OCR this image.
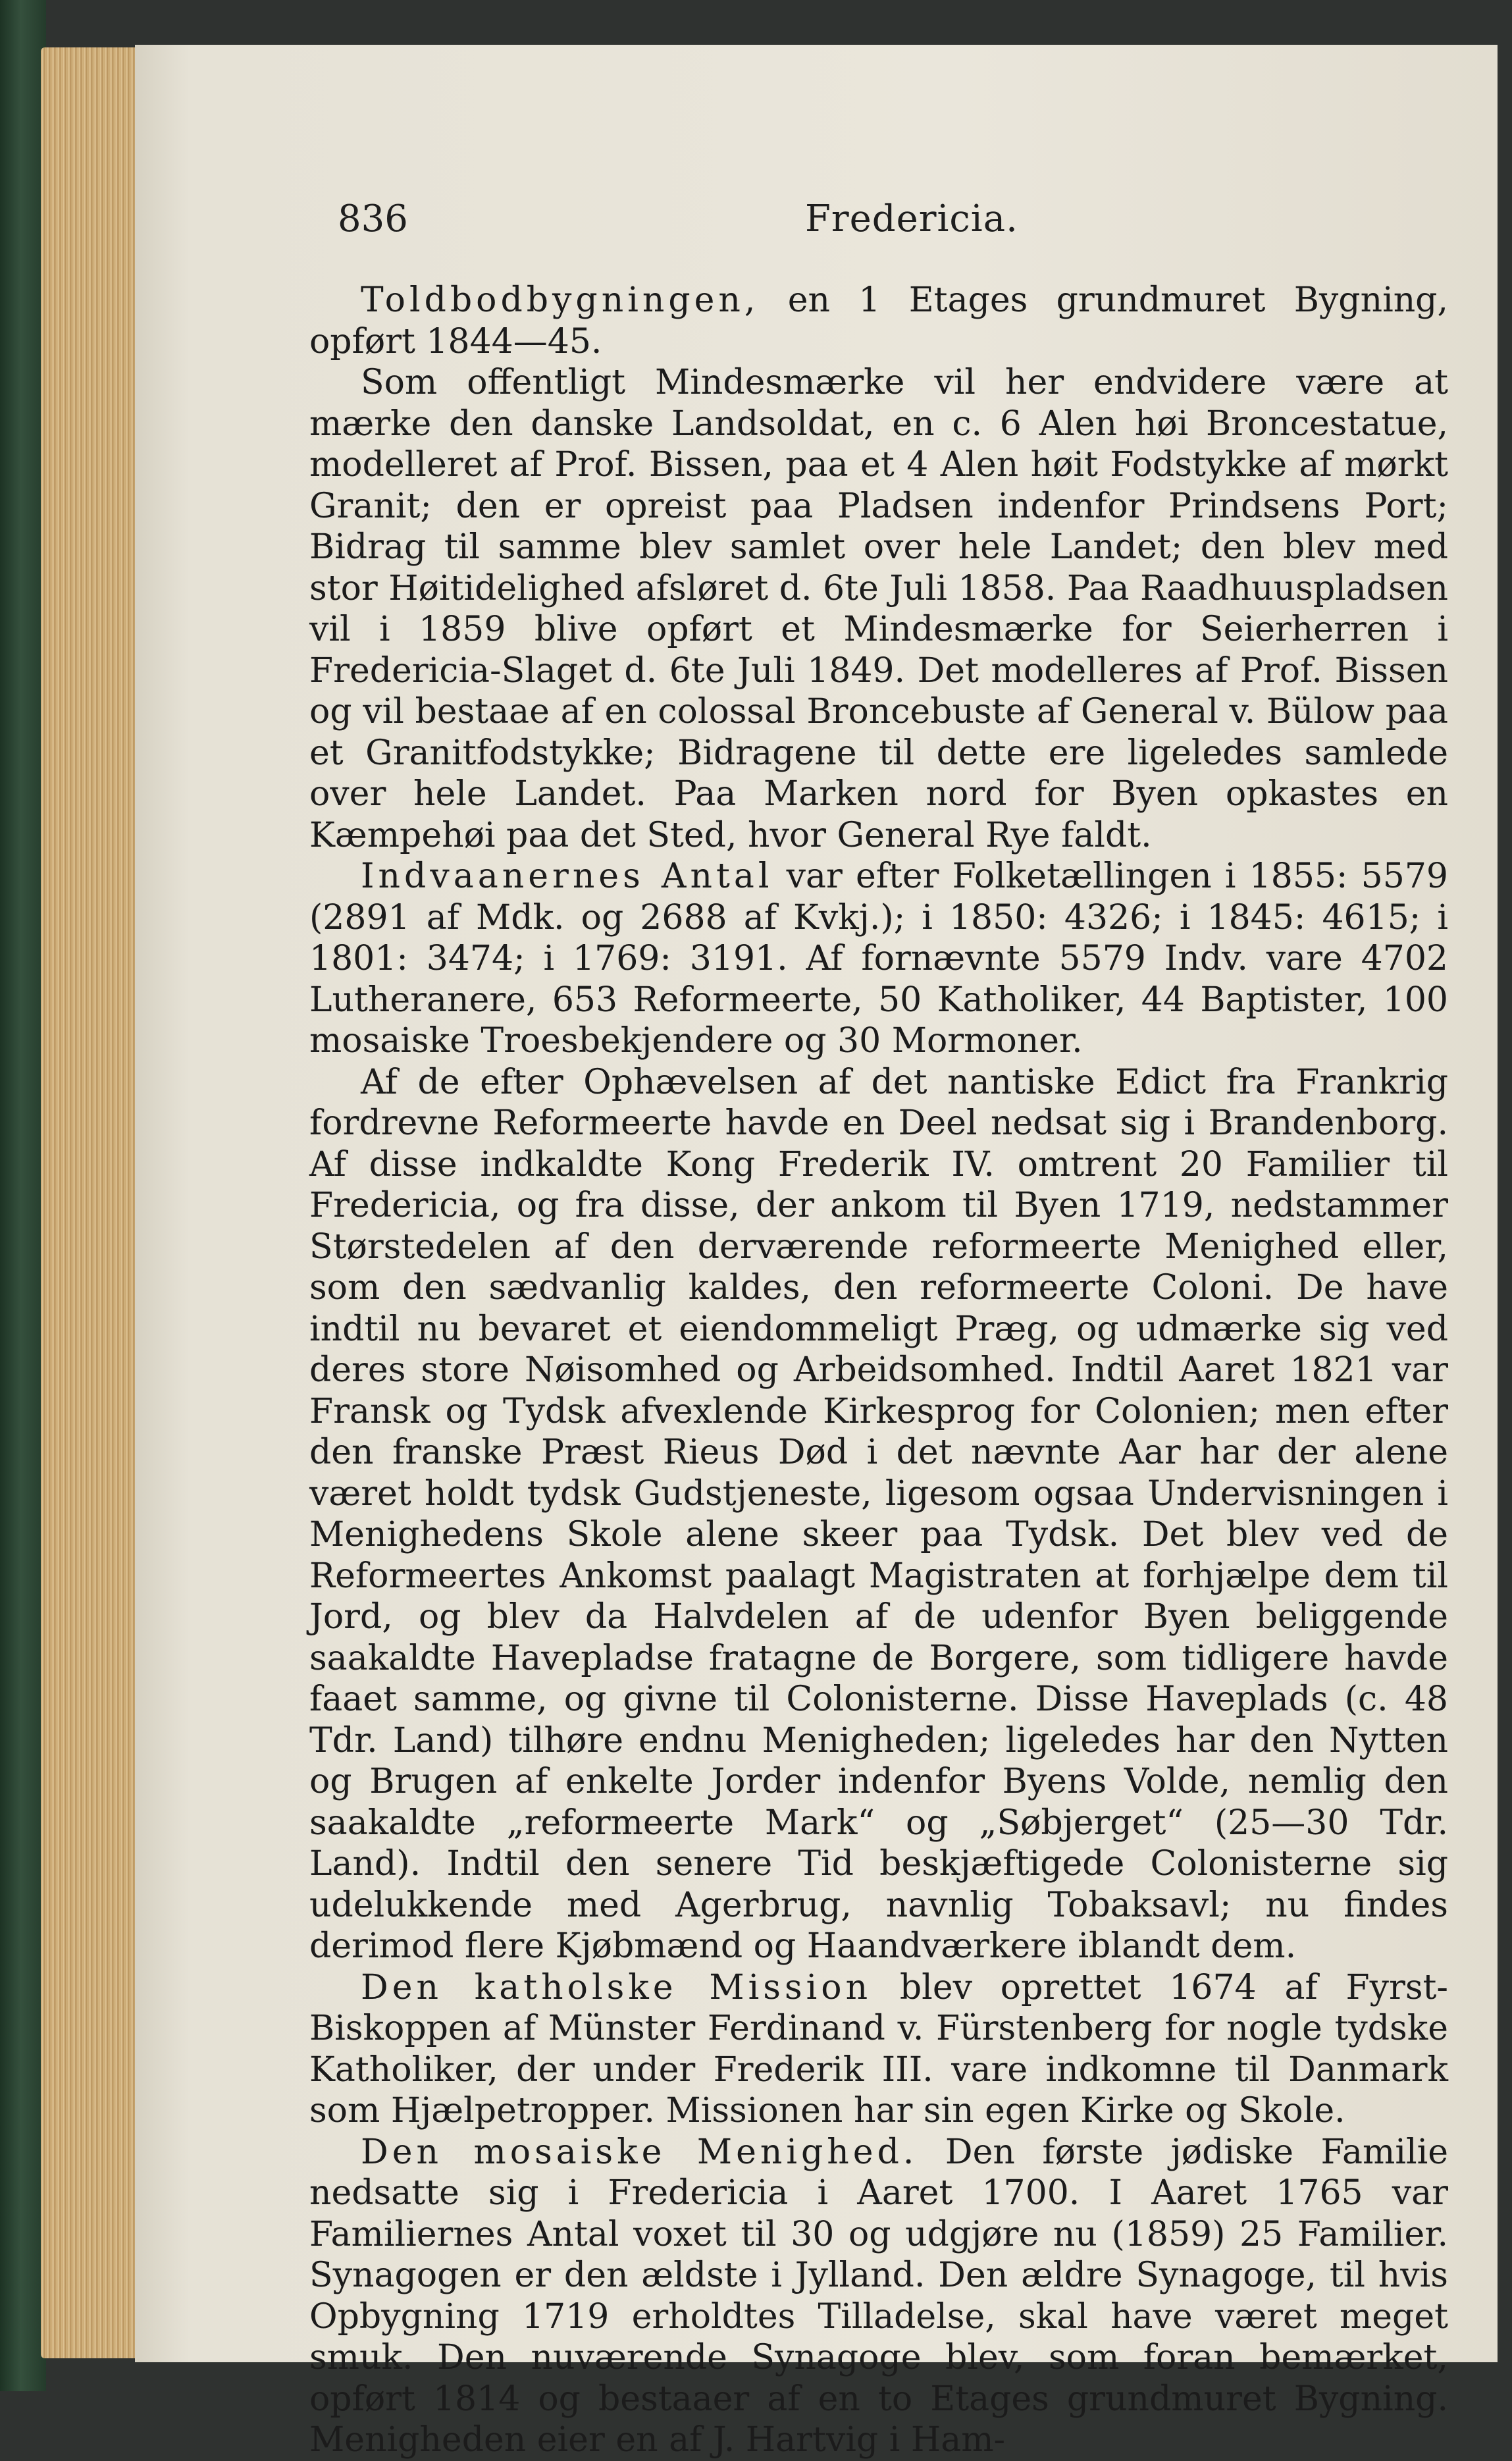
836	Fredericia.

Toldbodbygningen, en 1 Etages grundmuret Bygning, opført 1844—45.

Som offentligt Mindesmærke vil her endvidere være at mærke den danske Landsoldat, en c. 6 Alen høi Broncestatue, modelleret af Prof. Bissen, paa et 4 Alen høit Fodstykke af mørkt Granit; den er opreist paa Pladsen indenfor Prindsens Port; Bidrag til samme blev samlet over hele Landet; den blev med stor Høitidelighed afsløret d. 6te Juli 1858. Paa Raadhuuspladsen vil i 1859 blive opført et Mindesmærke for Seierherren i Fredericia-Slaget d. 6te Juli 1849. Det modelleres af Prof. Bissen og vil bestaae af en colossal Broncebuste af General v. Bülow paa et Granitfodstykke; Bidragene til dette ere ligeledes samlede over hele Landet. Paa Marken nord for Byen opkastes en Kæmpehøi paa det Sted, hvor General Rye faldt.

Indvaanernes Antal var efter Folketællingen i 1855: 5579 (2891 af Mdk. og 2688 af Kvkj.); i 1850: 4326; i 1845: 4615; i 1801: 3474; i 1769: 3191. Af fornævnte 5579 Indv. vare 4702 Lutheranere, 653 Reformeerte, 50 Katholiker, 44 Baptister, 100 mosaiske Troesbekjendere og 30 Mormoner.

Af de efter Ophævelsen af det nantiske Edict fra Frankrig fordrevne Reformeerte havde en Deel nedsat sig i Brandenborg. Af disse indkaldte Kong Frederik IV. omtrent 20 Familier til Fredericia, og fra disse, der ankom til Byen 1719, nedstammer Størstedelen af den derværende reformeerte Menighed eller, som den sædvanlig kaldes, den reformeerte Coloni. De have indtil nu bevaret et eiendommeligt Præg, og udmærke sig ved deres store Nøisomhed og Arbeidsomhed. Indtil Aaret 1821 var Fransk og Tydsk afvexlende Kirkesprog for Colonien; men efter den franske Præst Rieus Død i det nævnte Aar har der alene været holdt tydsk Gudstjeneste, ligesom ogsaa Undervisningen i Menighedens Skole alene skeer paa Tydsk. Det blev ved de Reformeertes Ankomst paalagt Magistraten at forhjælpe dem til Jord, og blev da Halvdelen af de udenfor Byen beliggende saakaldte Havepladse fratagne de Borgere, som tidligere havde faaet samme, og givne til Colonisterne. Disse Haveplads (c. 48 Tdr. Land) tilhøre endnu Menigheden; ligeledes har den Nytten og Brugen af enkelte Jorder indenfor Byens Volde, nemlig den saakaldte „reformeerte Mark“ og „Søbjerget“ (25—30 Tdr. Land). Indtil den senere Tid beskjæftigede Colonisterne sig udelukkende med Agerbrug, navnlig Tobaksavl; nu findes derimod flere Kjøbmænd og Haandværkere iblandt dem.

Den katholske Mission blev oprettet 1674 af Fyrst-Biskoppen af Münster Ferdinand v. Fürstenberg for nogle tydske Katholiker, der under Frederik III. vare indkomne til Danmark som Hjælpetropper. Missionen har sin egen Kirke og Skole.

Den mosaiske Menighed. Den første jødiske Familie nedsatte sig i Fredericia i Aaret 1700. I Aaret 1765 var Familiernes Antal voxet til 30 og udgjøre nu (1859) 25 Familier. Synagogen er den ældste i Jylland. Den ældre Synagoge, til hvis Opbygning 1719 erholdtes Tilladelse, skal have været meget smuk. Den nuværende Synagoge blev, som foran bemærket, opført 1814 og bestaaer af en to Etages grundmuret Bygning. Menigheden eier en af J. Hartvig i Ham-
